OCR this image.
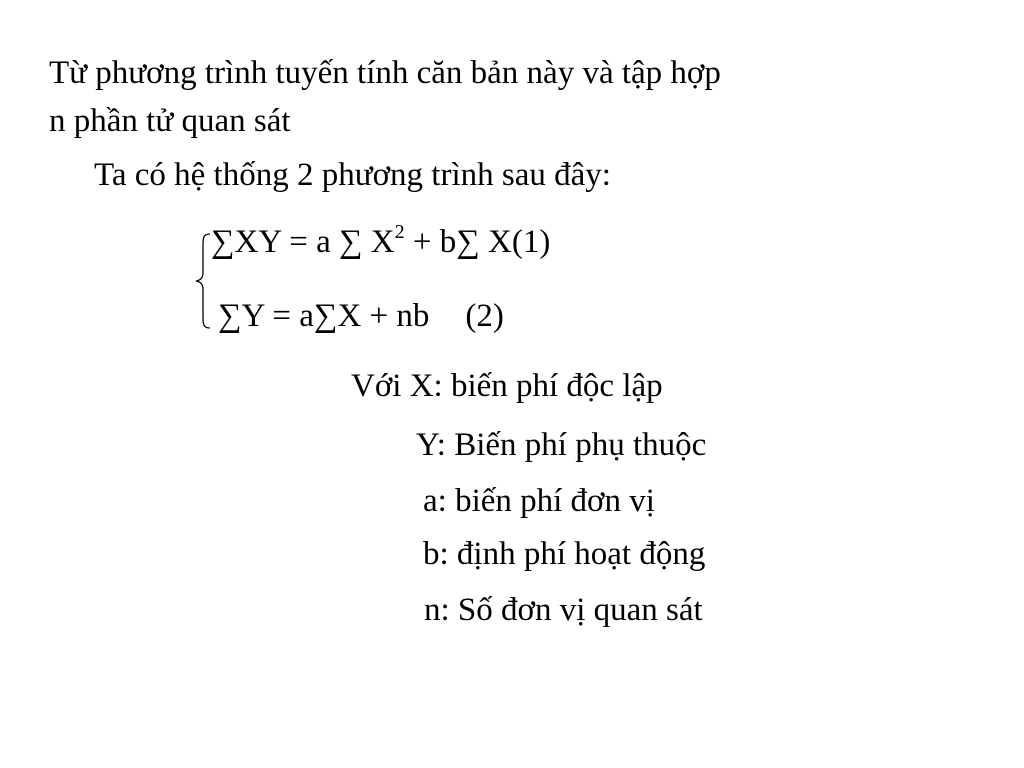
Từ phương trình tuyến tính căn bản này và tập hợp
n phần tử quan sát
Ta có hệ thống 2 phương trình sau đây:
∑XY = a ∑ $X^2 + b\sum$ X(1)
∑Y = a∑X + nb (2)
Với X: biến phí độc lập
Y: Biến phí phụ thuộc
a: biến phí đơn vị
b: định phí hoạt động
n: Số đơn vị quan sát
